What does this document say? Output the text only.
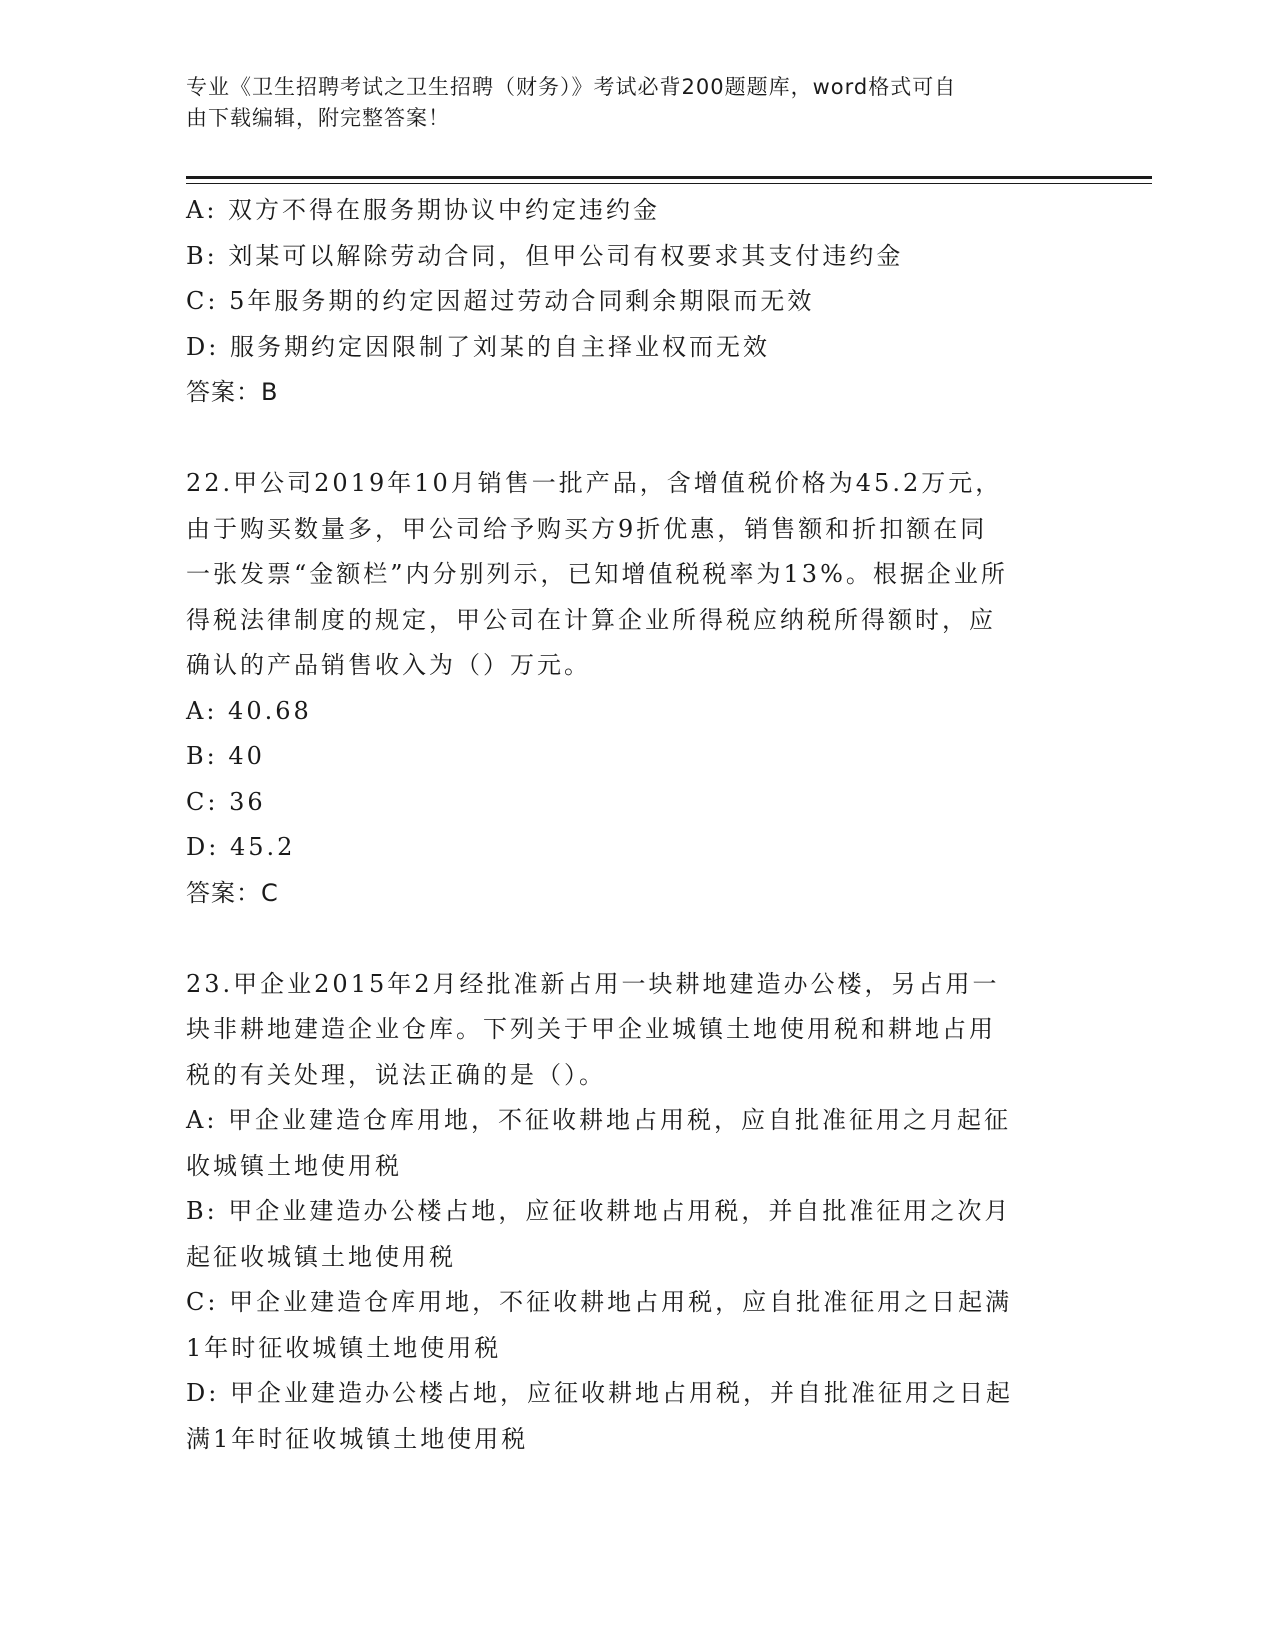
专业《卫生招聘考试之卫生招聘（财务）》考试必背200题题库，word格式可自
由下载编辑，附完整答案！
A: 双方不得在服务期协议中约定违约金
B: 刘某可以解除劳动合同，但甲公司有权要求其支付违约金
C: 5年服务期的约定因超过劳动合同剩余期限而无效
D: 服务期约定因限制了刘某的自主择业权而无效
答案：B
22.甲公司2019年10月销售一批产品，含增值税价格为45.2万元，
由于购买数量多，甲公司给予购买方9折优惠，销售额和折扣额在同
一张发票“金额栏”内分别列示，已知增值税税率为13%。根据企业所
得税法律制度的规定，甲公司在计算企业所得税应纳税所得额时，应
确认的产品销售收入为（）万元。
A: 40.68
B: 40
C: 36
D: 45.2
答案：C
23.甲企业2015年2月经批准新占用一块耕地建造办公楼，另占用一
块非耕地建造企业仓库。下列关于甲企业城镇土地使用税和耕地占用
税的有关处理，说法正确的是（）。
A: 甲企业建造仓库用地，不征收耕地占用税，应自批准征用之月起征
收城镇土地使用税
B: 甲企业建造办公楼占地，应征收耕地占用税，并自批准征用之次月
起征收城镇土地使用税
C: 甲企业建造仓库用地，不征收耕地占用税，应自批准征用之日起满
1年时征收城镇土地使用税
D: 甲企业建造办公楼占地，应征收耕地占用税，并自批准征用之日起
满1年时征收城镇土地使用税
